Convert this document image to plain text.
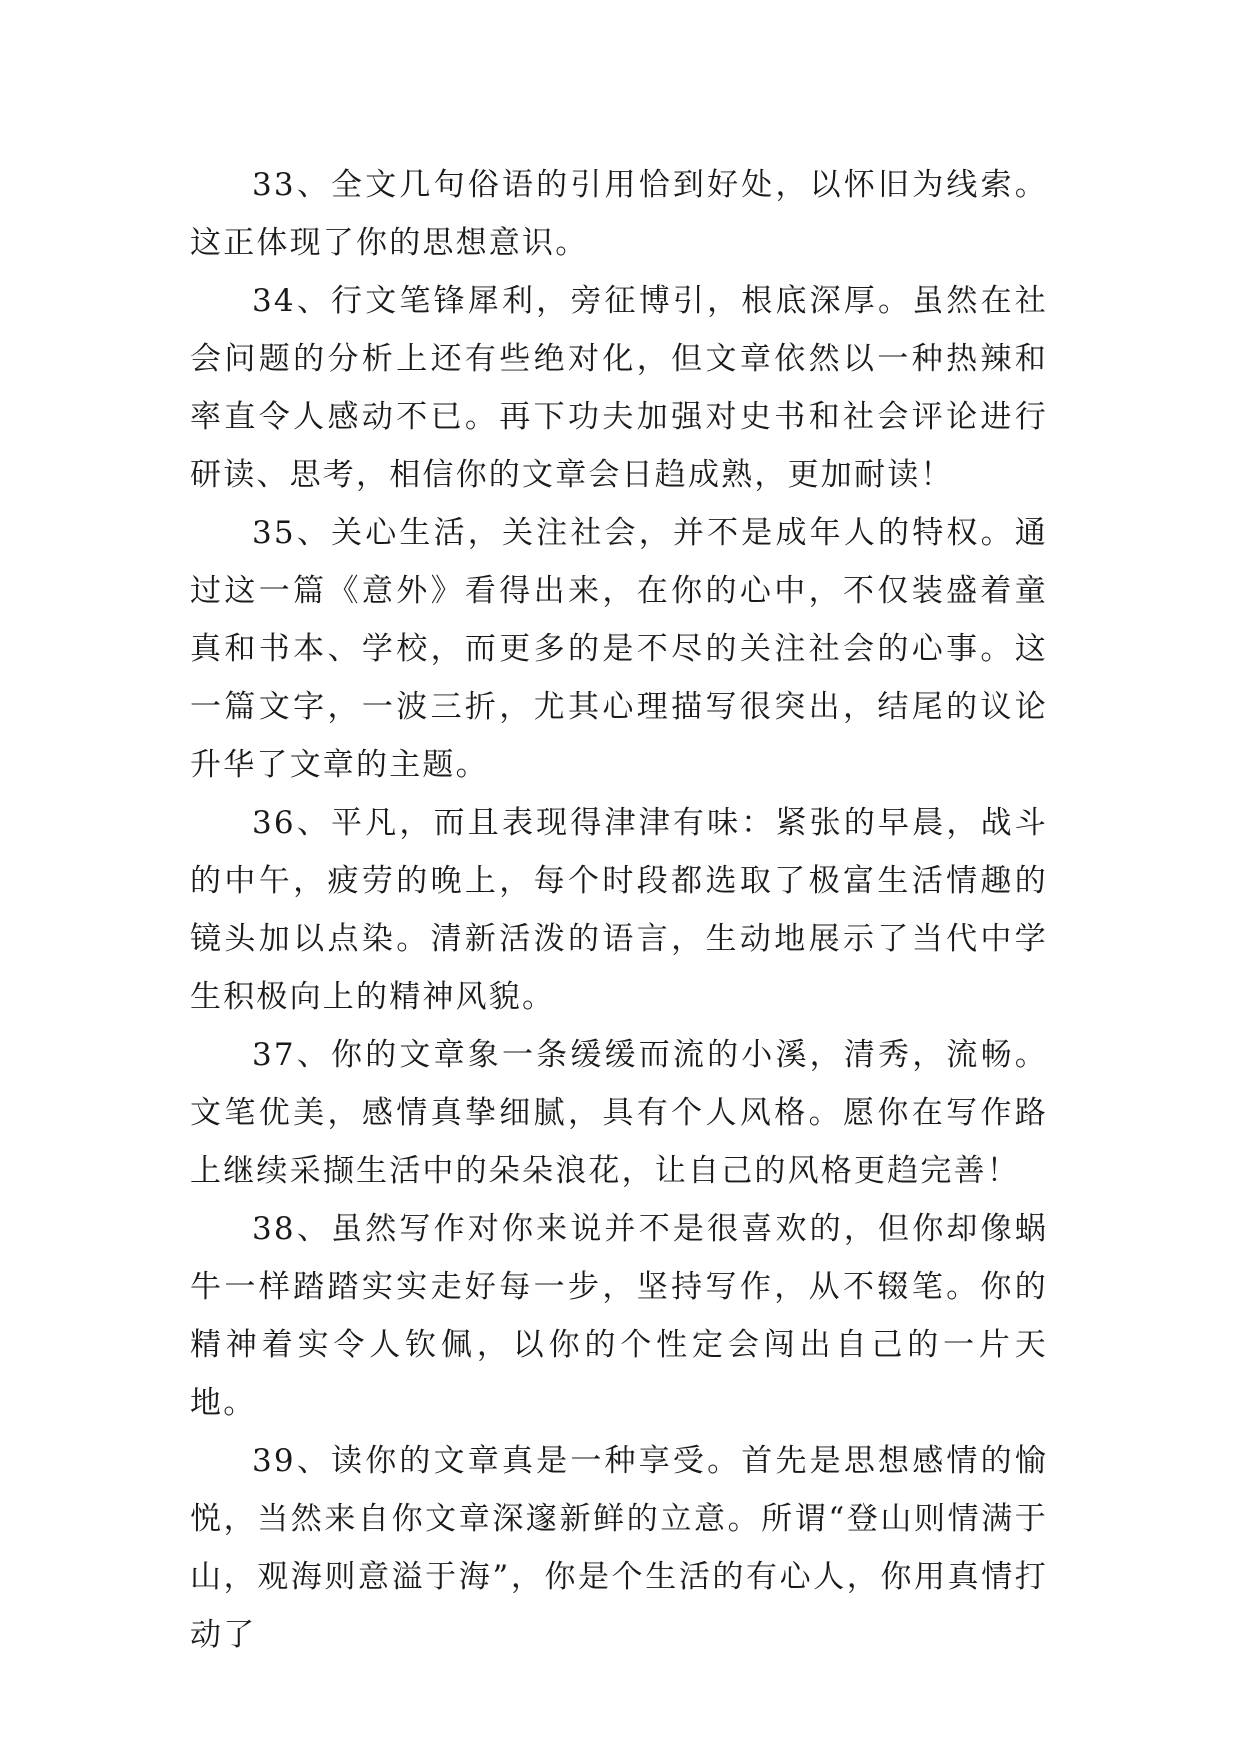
33、全文几句俗语的引用恰到好处，以怀旧为线索。这正体现了你的思想意识。

34、行文笔锋犀利，旁征博引，根底深厚。虽然在社会问题的分析上还有些绝对化，但文章依然以一种热辣和率直令人感动不已。再下功夫加强对史书和社会评论进行研读、思考，相信你的文章会日趋成熟，更加耐读！

35、关心生活，关注社会，并不是成年人的特权。通过这一篇《意外》看得出来，在你的心中，不仅装盛着童真和书本、学校，而更多的是不尽的关注社会的心事。这一篇文字，一波三折，尤其心理描写很突出，结尾的议论升华了文章的主题。

36、平凡，而且表现得津津有味：紧张的早晨，战斗的中午，疲劳的晚上，每个时段都选取了极富生活情趣的镜头加以点染。清新活泼的语言，生动地展示了当代中学生积极向上的精神风貌。

37、你的文章象一条缓缓而流的小溪，清秀，流畅。文笔优美，感情真挚细腻，具有个人风格。愿你在写作路上继续采撷生活中的朵朵浪花，让自己的风格更趋完善！

38、虽然写作对你来说并不是很喜欢的，但你却像蜗牛一样踏踏实实走好每一步，坚持写作，从不辍笔。你的精神着实令人钦佩，以你的个性定会闯出自己的一片天地。

39、读你的文章真是一种享受。首先是思想感情的愉悦，当然来自你文章深邃新鲜的立意。所谓“登山则情满于山，观海则意溢于海”，你是个生活的有心人，你用真情打动了
